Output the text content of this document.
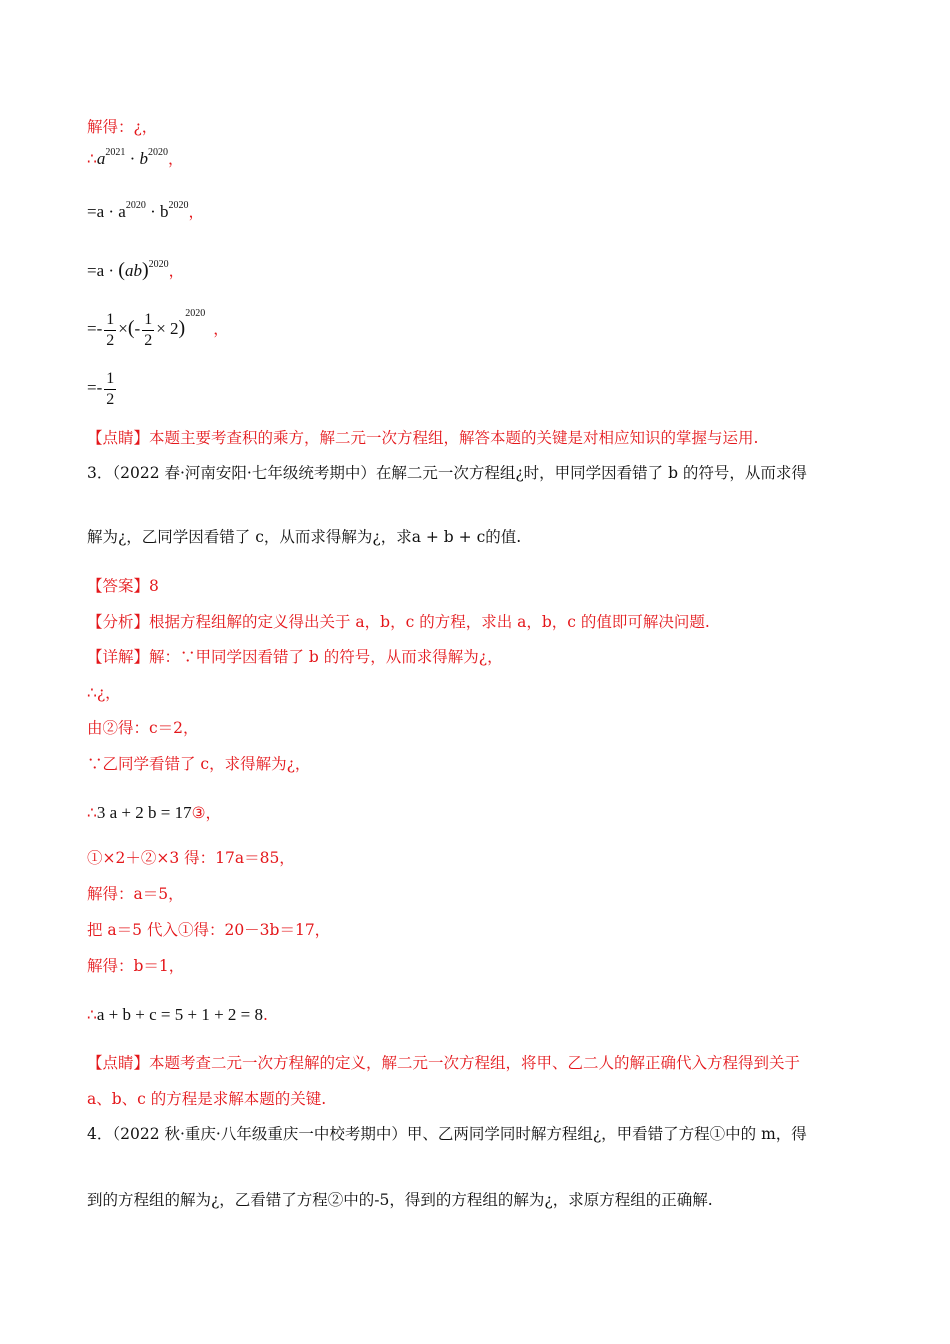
解得：¿，
$\therefore a^{2021} \cdot b^{2020}$，
$=a \cdot a^{2020} \cdot b^{2020}$，
=a · (ab)$^{2020}$，
=- $\frac{1}{2}$ ×(- $\frac{1}{2} \times 2)^{2020}$，
=- $\frac{1}{2}$
【点睛】本题主要考查积的乘方，解二元一次方程组，解答本题的关键是对相应知识的掌握与运用.
3．（2022 春·河南安阳·七年级统考期中）在解二元一次方程组¿时，甲同学因看错了 b 的符号，从而求得
解为¿，乙同学因看错了 c，从而求得解为¿，求a + b + c的值.
【答案】8
【分析】根据方程组解的定义得出关于 a，b，c 的方程，求出 a，b，c 的值即可解决问题.
【详解】解：∵甲同学因看错了 b 的符号，从而求得解为¿，
∴¿，
由②得：c＝2，
∵乙同学看错了 c，求得解为¿，
∴3 a + 2 b = 17③，
①×2＋②×3 得：17a＝85，
解得：a＝5，
把 a＝5 代入①得：20－3b＝17，
解得：b＝1，
∴a + b + c = 5 + 1 + 2 = 8.
【点睛】本题考查二元一次方程解的定义，解二元一次方程组，将甲、乙二人的解正确代入方程得到关于
a、b、c 的方程是求解本题的关键.
4．（2022 秋·重庆·八年级重庆一中校考期中）甲、乙两同学同时解方程组¿，甲看错了方程①中的 m，得
到的方程组的解为¿，乙看错了方程②中的-5，得到的方程组的解为¿，求原方程组的正确解.
